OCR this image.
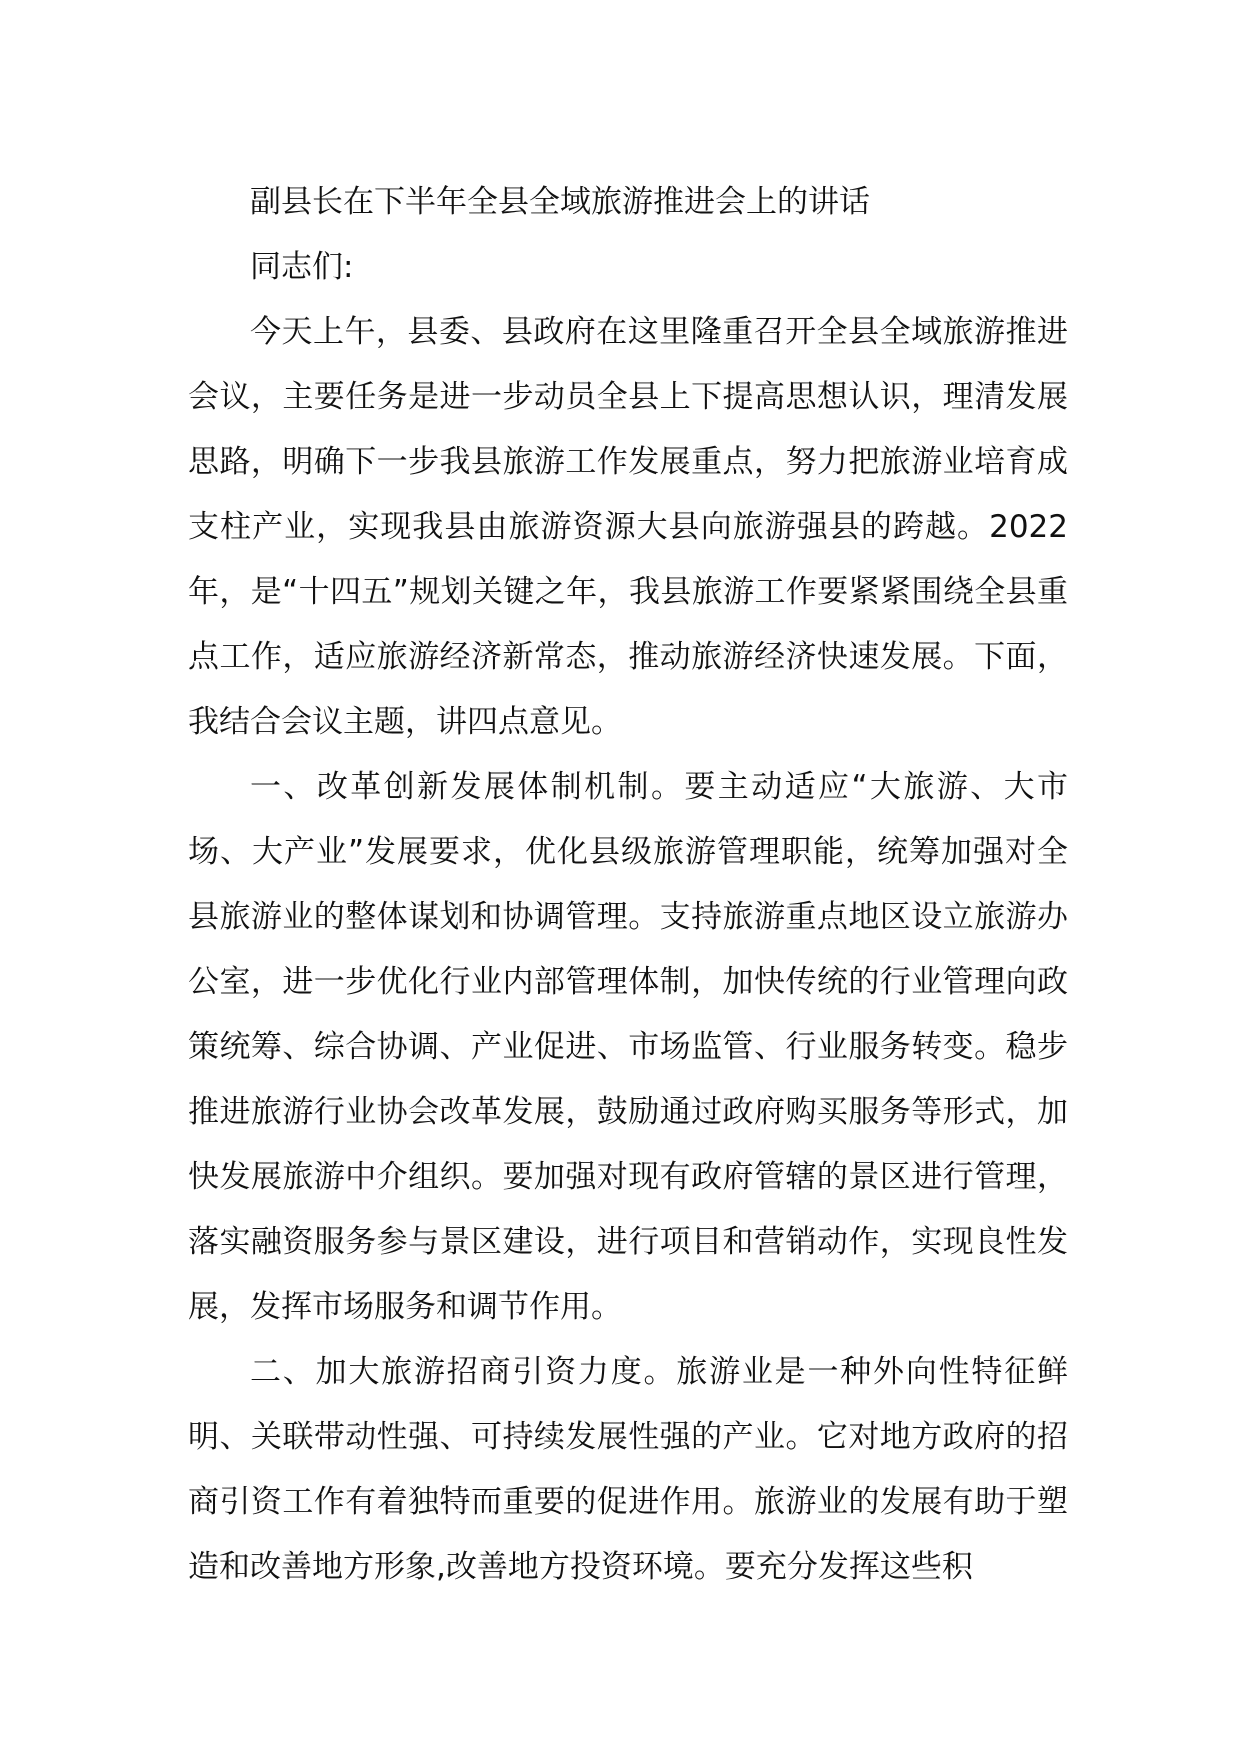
副县长在下半年全县全域旅游推进会上的讲话

同志们:

今天上午，县委、县政府在这里隆重召开全县全域旅游推进会议，主要任务是进一步动员全县上下提高思想认识，理清发展思路，明确下一步我县旅游工作发展重点，努力把旅游业培育成支柱产业，实现我县由旅游资源大县向旅游强县的跨越。2022年，是“十四五”规划关键之年，我县旅游工作要紧紧围绕全县重点工作，适应旅游经济新常态，推动旅游经济快速发展。下面，我结合会议主题，讲四点意见。

一、改革创新发展体制机制。要主动适应“大旅游、大市场、大产业”发展要求，优化县级旅游管理职能，统筹加强对全县旅游业的整体谋划和协调管理。支持旅游重点地区设立旅游办公室，进一步优化行业内部管理体制，加快传统的行业管理向政策统筹、综合协调、产业促进、市场监管、行业服务转变。稳步推进旅游行业协会改革发展，鼓励通过政府购买服务等形式，加快发展旅游中介组织。要加强对现有政府管辖的景区进行管理，落实融资服务参与景区建设，进行项目和营销动作，实现良性发展，发挥市场服务和调节作用。

二、加大旅游招商引资力度。旅游业是一种外向性特征鲜明、关联带动性强、可持续发展性强的产业。它对地方政府的招商引资工作有着独特而重要的促进作用。旅游业的发展有助于塑造和改善地方形象,改善地方投资环境。要充分发挥这些积
